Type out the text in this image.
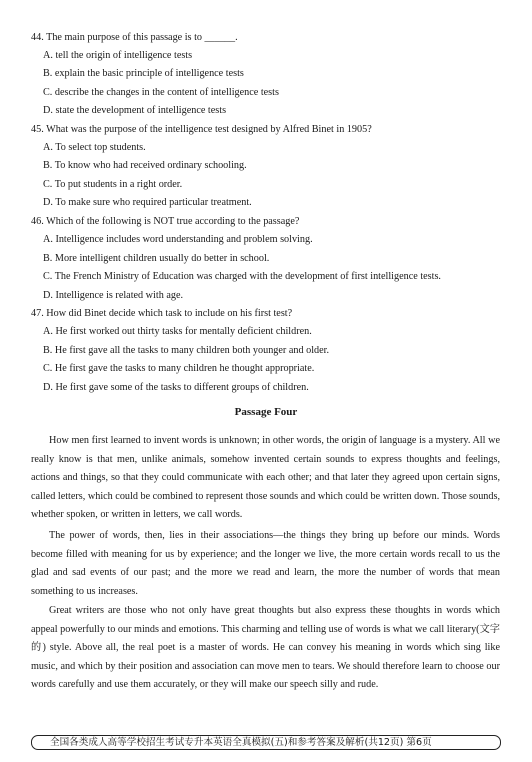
44. The main purpose of this passage is to ______.
A. tell the origin of intelligence tests
B. explain the basic principle of intelligence tests
C. describe the changes in the content of intelligence tests
D. state the development of intelligence tests
45. What was the purpose of the intelligence test designed by Alfred Binet in 1905?
A. To select top students.
B. To know who had received ordinary schooling.
C. To put students in a right order.
D. To make sure who required particular treatment.
46. Which of the following is NOT true according to the passage?
A. Intelligence includes word understanding and problem solving.
B. More intelligent children usually do better in school.
C. The French Ministry of Education was charged with the development of first intelligence tests.
D. Intelligence is related with age.
47. How did Binet decide which task to include on his first test?
A. He first worked out thirty tasks for mentally deficient children.
B. He first gave all the tasks to many children both younger and older.
C. He first gave the tasks to many children he thought appropriate.
D. He first gave some of the tasks to different groups of children.
Passage Four
How men first learned to invent words is unknown; in other words, the origin of language is a mystery. All we really know is that men, unlike animals, somehow invented certain sounds to express thoughts and feelings, actions and things, so that they could communicate with each other; and that later they agreed upon certain signs, called letters, which could be combined to represent those sounds and which could be written down. Those sounds, whether spoken, or written in letters, we call words.
The power of words, then, lies in their associations—the things they bring up before our minds. Words become filled with meaning for us by experience; and the longer we live, the more certain words recall to us the glad and sad events of our past; and the more we read and learn, the more the number of words that mean something to us increases.
Great writers are those who not only have great thoughts but also express these thoughts in words which appeal powerfully to our minds and emotions. This charming and telling use of words is what we call literary(文字的) style. Above all, the real poet is a master of words. He can convey his meaning in words which sing like music, and which by their position and association can move men to tears. We should therefore learn to choose our words carefully and use them accurately, or they will make our speech silly and rude.
全国各类成人高等学校招生考试专升本英语全真模拟(五)和参考答案及解析(共12页) 第6页
